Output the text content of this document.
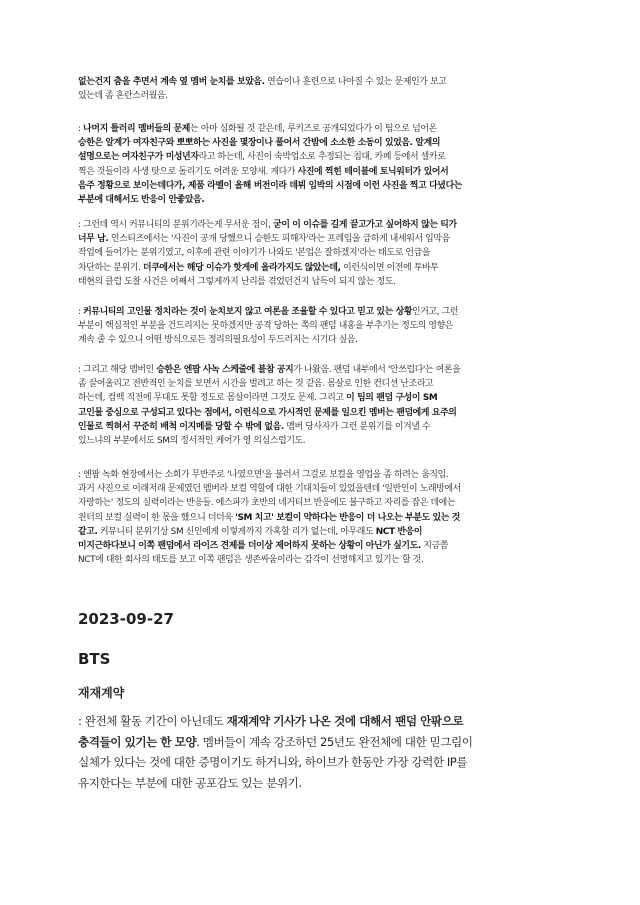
없는건지 춤을 추면서 계속 옆 멤버 눈치를 보았음. 연습이나 훈련으로 나아질 수 있는 문제인가 보고
있는데 좀 혼란스러웠음.
: 나머지 틀러리 멤버들의 문제는 아마 심화될 것 같은데, 루키즈로 공개되었다가 이 팀으로 넘어온
승한은 알계가 여자친구와 뽀뽀하는 사진을 몇장이나 풀어서 간밤에 소소한 소동이 있었음. 알계의
설명으로는 여자친구가 미성년자라고 하는데, 사진이 숙박업소로 추정되는 침대, 카페 등에서 셀카로
찍은 것들이라 사생 탓으로 돌리기도 어려운 모양새. 게다가 사진에 찍힌 테이블에 토닉워터가 있어서
음주 정황으로 보이는데다가, 제품 라벨이 올해 버전이라 데뷔 임박의 시점에 이런 사진을 찍고 다녔다는
부분에 대해서도 반응이 안좋았음.
: 그런데 역시 커뮤니티의 분위기라는게 무서운 점이, 굳이 이 이슈를 길게 끌고가고 싶어하지 않는 티가
너무 남. 인스티즈에서는 '사진이 공개 당했으니 승한도 피해자'라는 프레임을 급하게 내세워서 입막음
작업에 들어가는 분위기였고, 이후에 관련 이야기가 나와도 '본업은 잘하겠지'라는 태도로 언급을
차단하는 분위기. 더쿠에서는 해당 이슈가 핫게에 올라가지도 않았는데, 이런식이면 이전에 투바투
태현의 클럽 도찰 사건은 어째서 그렇게까지 난리를 겪었던건지 납득이 되지 않는 정도.
: 커뮤니티의 고인물 정치라는 것이 눈치보지 않고 여론을 조율할 수 있다고 믿고 있는 상황인거고, 그런
부분이 핵심적인 부분을 건드리지는 못하겠지만 공격 당하는 쪽의 팬덤 내홍을 부추기는 정도의 영향은
계속 줄 수 있으니 어떤 방식으로든 정리의필요성이 두드러지는 시기다 싶음.
: 그리고 해당 멤버인 승한은 엔팝 사녹 스케줄에 불참 공지가 나왔음. 팬덤 내부에서 '안쓰럽다'는 여론을
좀 끌어올리고 전반적인 눈치를 보면서 시간을 벌려고 하는 것 같음. 몸살로 인한 컨디션 난조라고
하는데, 컴백 직전에 무대도 못할 정도로 몸살이라면 그것도 문제. 그리고 이 팀의 팬덤 구성이 SM
고인물 중심으로 구성되고 있다는 점에서, 이런식으로 가시적인 문제를 일으킨 멤버는 팬덤에게 요주의
인물로 찍혀서 꾸준히 배척 이지메를 당할 수 밖에 없음. 멤버 당사자가 그런 분위기를 이겨낼 수
있느냐의 부분에서도 SM의 정서적인 케어가 영 의심스럽기도.
: 엔팝 녹화 현장에서는 소희가 무반주로 '나였으면'을 불러서 그걸로 보컬을 영업을 좀 하려는 움직임.
과거 사진으로 이래저래 문제였던 멤버라 보컬 역할에 대한 기대치들이 있었을텐데 '일반인이 노래방에서
자랑하는' 정도의 실력이라는 반응들. 에스파가 초반의 네거티브 반응에도 불구하고 자리를 잡은 데에는
윈터의 보컬 실력이 한 몫을 했으니 더더욱 'SM 치고' 보컬이 약하다는 반응이 더 나오는 부분도 있는 것
같고. 커뮤니티 분위기상 SM 신인에게 이렇게까지 가혹할 리가 없는데, 아무래도 NCT 반응이
미지근하다보니 이쪽 팬덤에서 라이즈 견제를 더이상 제어하지 못하는 상황이 아닌가 싶기도. 지금쯤
NCT에 대한 회사의 태도를 보고 이쪽 팬덤은 생존싸움이라는 감각이 선명해지고 있기는 할 것.
2023-09-27
BTS
재재계약
: 완전체 활동 기간이 아닌데도 재재계약 기사가 나온 것에 대해서 팬덤 안팎으로
충격들이 있기는 한 모양. 멤버들이 계속 강조하던 25년도 완전체에 대한 믿그림이
실체가 있다는 것에 대한 증명이기도 하거니와, 하이브가 한동안 가장 강력한 IP를
유지한다는 부분에 대한 공포감도 있는 분위기.
